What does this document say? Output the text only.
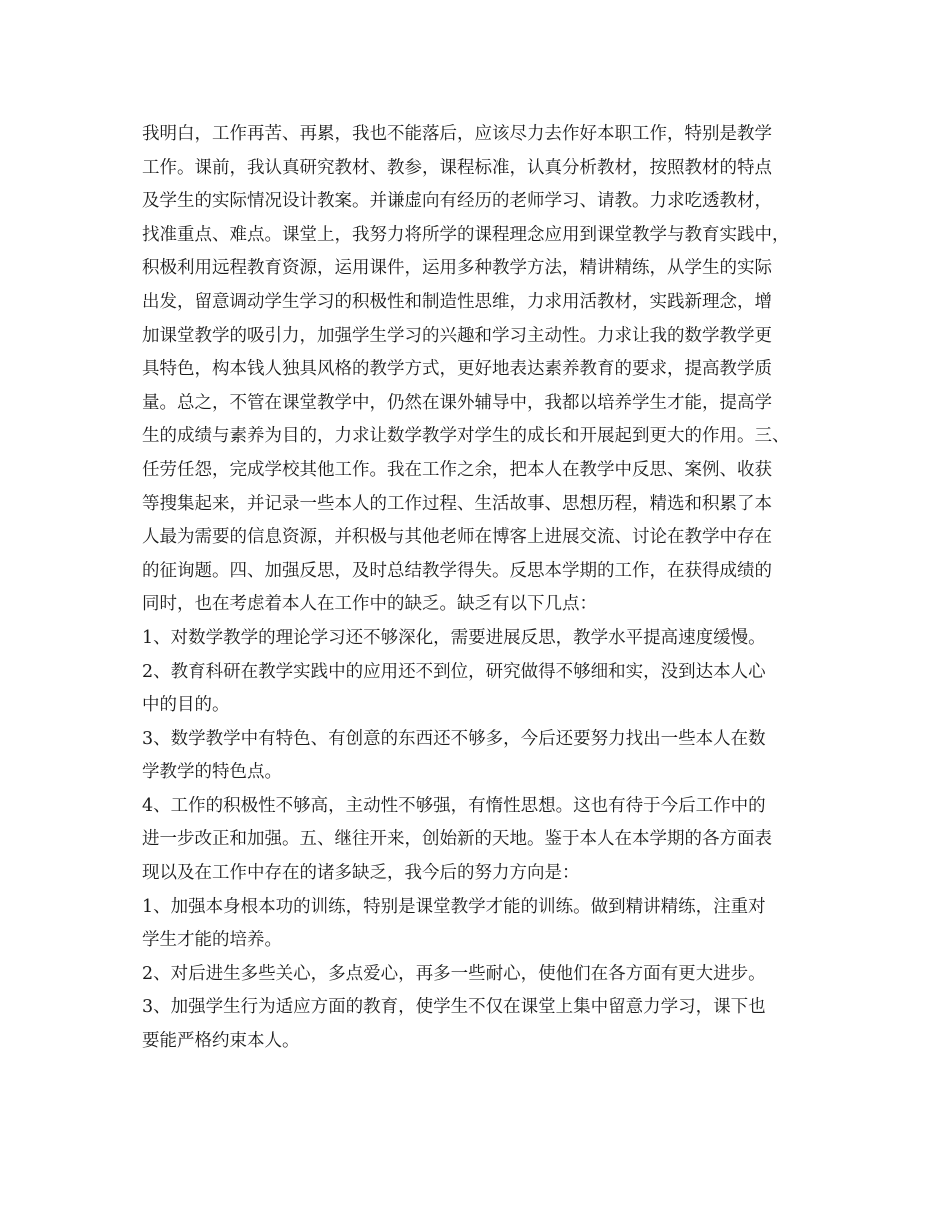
我明白，工作再苦、再累，我也不能落后，应该尽力去作好本职工作，特别是教学
工作。课前，我认真研究教材、教参，课程标准，认真分析教材，按照教材的特点
及学生的实际情况设计教案。并谦虚向有经历的老师学习、请教。力求吃透教材，
找准重点、难点。课堂上，我努力将所学的课程理念应用到课堂教学与教育实践中，
积极利用远程教育资源，运用课件，运用多种教学方法，精讲精练，从学生的实际
出发，留意调动学生学习的积极性和制造性思维，力求用活教材，实践新理念，增
加课堂教学的吸引力，加强学生学习的兴趣和学习主动性。力求让我的数学教学更
具特色，构本钱人独具风格的教学方式，更好地表达素养教育的要求，提高教学质
量。总之，不管在课堂教学中，仍然在课外辅导中，我都以培养学生才能，提高学
生的成绩与素养为目的，力求让数学教学对学生的成长和开展起到更大的作用。三、
任劳任怨，完成学校其他工作。我在工作之余，把本人在教学中反思、案例、收获
等搜集起来，并记录一些本人的工作过程、生活故事、思想历程，精选和积累了本
人最为需要的信息资源，并积极与其他老师在博客上进展交流、讨论在教学中存在
的征询题。四、加强反思，及时总结教学得失。反思本学期的工作，在获得成绩的
同时，也在考虑着本人在工作中的缺乏。缺乏有以下几点：
1、对数学教学的理论学习还不够深化，需要进展反思，教学水平提高速度缓慢。
2、教育科研在教学实践中的应用还不到位，研究做得不够细和实，没到达本人心
中的目的。
3、数学教学中有特色、有创意的东西还不够多，今后还要努力找出一些本人在数
学教学的特色点。
4、工作的积极性不够高，主动性不够强，有惰性思想。这也有待于今后工作中的
进一步改正和加强。五、继往开来，创始新的天地。鉴于本人在本学期的各方面表
现以及在工作中存在的诸多缺乏，我今后的努力方向是：
1、加强本身根本功的训练，特别是课堂教学才能的训练。做到精讲精练，注重对
学生才能的培养。
2、对后进生多些关心，多点爱心，再多一些耐心，使他们在各方面有更大进步。
3、加强学生行为适应方面的教育，使学生不仅在课堂上集中留意力学习，课下也
要能严格约束本人。
